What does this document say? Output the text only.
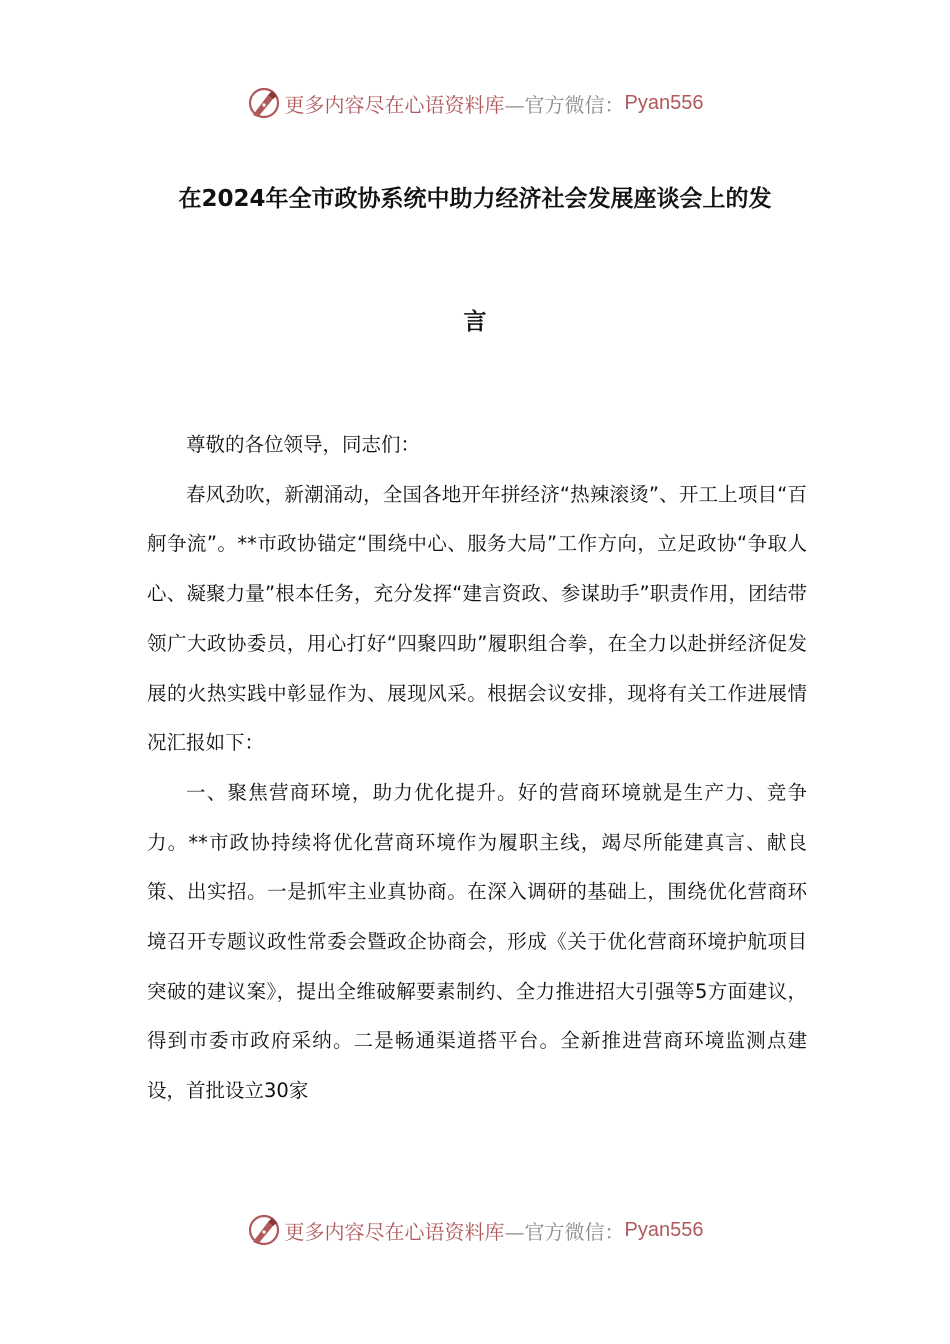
更多内容尽在心语资料库 —官方微信： Pyan556
在2024年全市政协系统中助力经济社会发展座谈会上的发
言

尊敬的各位领导，同志们：

春风劲吹，新潮涌动，全国各地开年拼经济“热辣滚烫”、开工上项目“百舸争流”。**市政协锚定“围绕中心、服务大局”工作方向，立足政协“争取人心、凝聚力量”根本任务，充分发挥“建言资政、参谋助手”职责作用，团结带领广大政协委员，用心打好“四聚四助”履职组合拳，在全力以赴拼经济促发展的火热实践中彰显作为、展现风采。根据会议安排，现将有关工作进展情况汇报如下：

一、聚焦营商环境，助力优化提升。好的营商环境就是生产力、竞争力。**市政协持续将优化营商环境作为履职主线，竭尽所能建真言、献良策、出实招。一是抓牢主业真协商。在深入调研的基础上，围绕优化营商环境召开专题议政性常委会暨政企协商会，形成《关于优化营商环境护航项目突破的建议案》，提出全维破解要素制约、全力推进招大引强等5方面建议，得到市委市政府采纳。二是畅通渠道搭平台。全新推进营商环境监测点建设，首批设立30家

更多内容尽在心语资料库 —官方微信： Pyan556
